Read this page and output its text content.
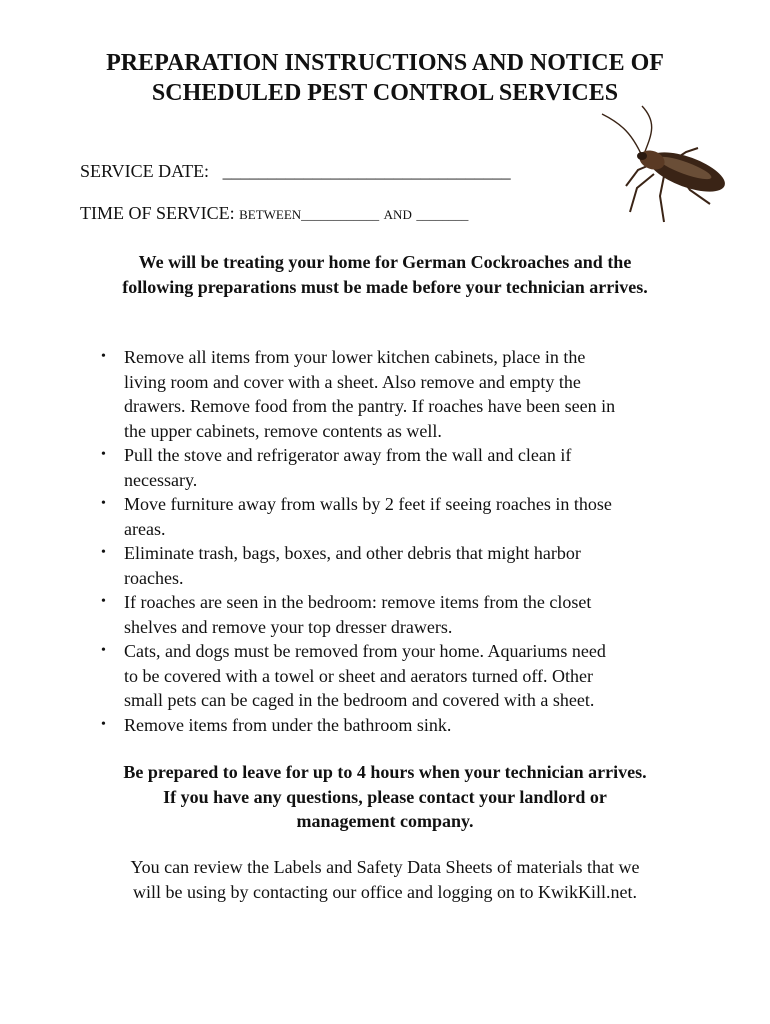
PREPARATION INSTRUCTIONS AND NOTICE OF
SCHEDULED PEST CONTROL SERVICES
SERVICE DATE: ________________________________
TIME OF SERVICE: BETWEEN____________ AND ________

We will be treating your home for German Cockroaches and the
following preparations must be made before your technician arrives.

• Remove all items from your lower kitchen cabinets, place in the
living room and cover with a sheet. Also remove and empty the
drawers. Remove food from the pantry. If roaches have been seen in
the upper cabinets, remove contents as well.
• Pull the stove and refrigerator away from the wall and clean if
necessary.
• Move furniture away from walls by 2 feet if seeing roaches in those
areas.
• Eliminate trash, bags, boxes, and other debris that might harbor
roaches.
• If roaches are seen in the bedroom: remove items from the closet
shelves and remove your top dresser drawers.
• Cats, and dogs must be removed from your home. Aquariums need
to be covered with a towel or sheet and aerators turned off. Other
small pets can be caged in the bedroom and covered with a sheet.
• Remove items from under the bathroom sink.

Be prepared to leave for up to 4 hours when your technician arrives.
If you have any questions, please contact your landlord or
management company.

You can review the Labels and Safety Data Sheets of materials that we
will be using by contacting our office and logging on to KwikKill.net.
